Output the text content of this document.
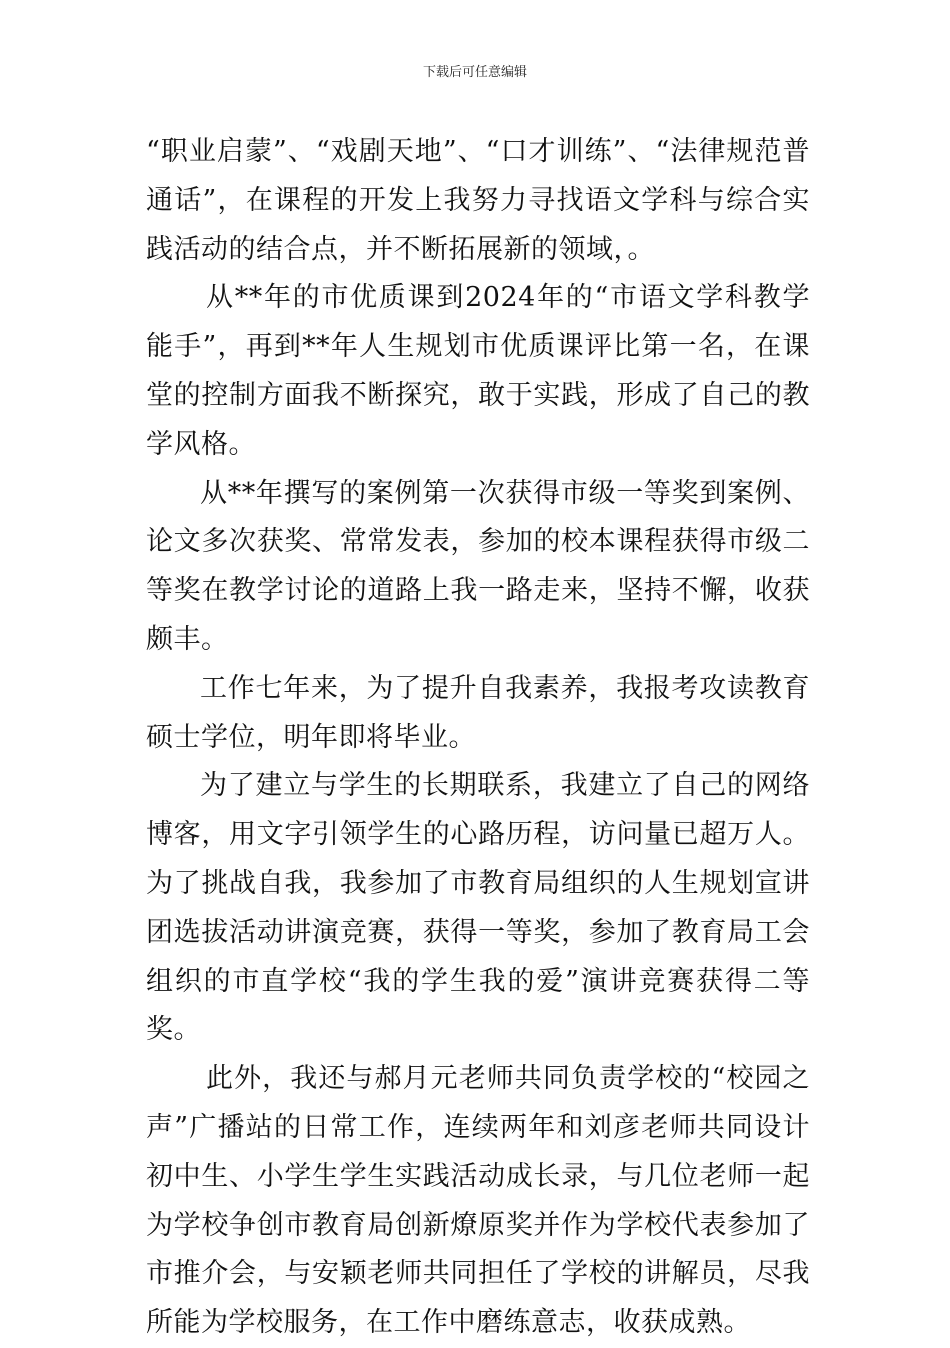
下载后可任意编辑

“职业启蒙”、“戏剧天地”、“口才训练”、“法律规范普通话”，在课程的开发上我努力寻找语文学科与综合实践活动的结合点，并不断拓展新的领域，。

从**年的市优质课到2024年的“市语文学科教学能手”，再到**年人生规划市优质课评比第一名，在课堂的控制方面我不断探究，敢于实践，形成了自己的教学风格。

从**年撰写的案例第一次获得市级一等奖到案例、论文多次获奖、常常发表，参加的校本课程获得市级二等奖在教学讨论的道路上我一路走来，坚持不懈，收获颇丰。

工作七年来，为了提升自我素养，我报考攻读教育硕士学位，明年即将毕业。

为了建立与学生的长期联系，我建立了自己的网络博客，用文字引领学生的心路历程，访问量已超万人。为了挑战自我，我参加了市教育局组织的人生规划宣讲团选拔活动讲演竞赛，获得一等奖，参加了教育局工会组织的市直学校“我的学生我的爱”演讲竞赛获得二等奖。

此外，我还与郝月元老师共同负责学校的“校园之声”广播站的日常工作，连续两年和刘彦老师共同设计初中生、小学生学生实践活动成长录，与几位老师一起为学校争创市教育局创新燎原奖并作为学校代表参加了市推介会，与安颖老师共同担任了学校的讲解员，尽我所能为学校服务，在工作中磨练意志，收获成熟。
